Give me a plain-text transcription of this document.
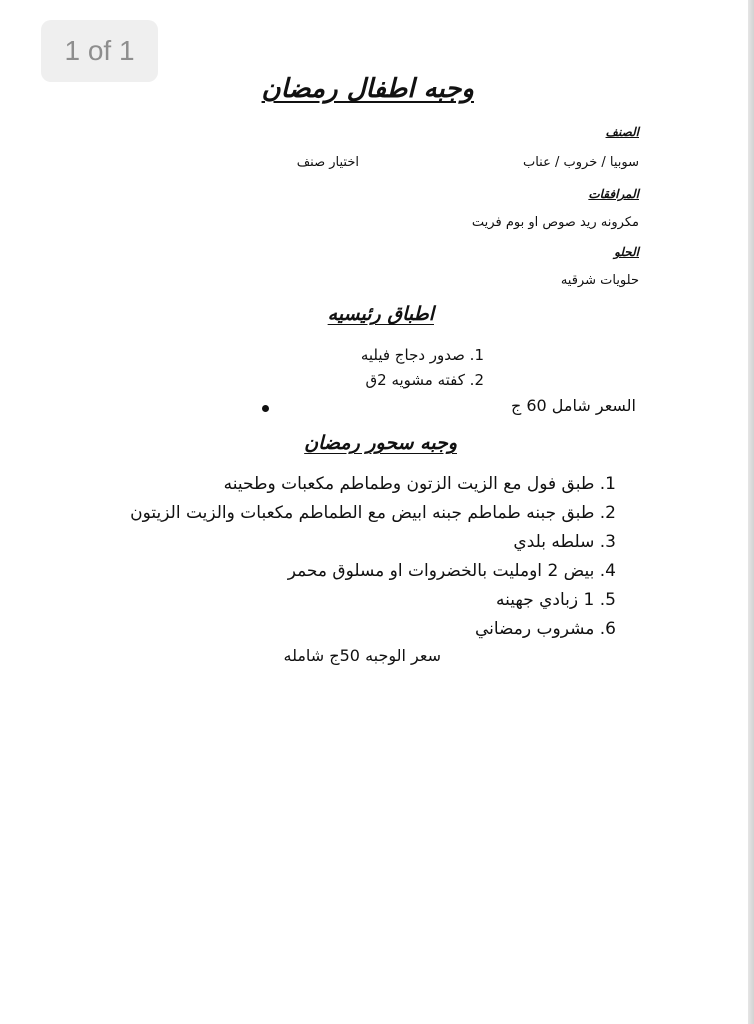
1 of 1
وجبه اطفال رمضان
الصنف
سوبيا / خروب / عناب
اختيار صنف
المرافقات
مكرونه ريد صوص او بوم فريت
الحلو
حلويات شرقيه
اطباق رئيسيه
1. صدور دجاج فيليه
2. كفته مشويه 2ق
السعر شامل 60 ج
وجبه سحور رمضان
1. طبق فول مع الزيت الزتون وطماطم مكعبات وطحينه
2. طبق جبنه طماطم جبنه ابيض مع الطماطم مكعبات والزيت الزيتون
3. سلطه بلدي
4. بيض 2 اومليت بالخضروات او مسلوق محمر
5. 1 زبادي جهينه
6. مشروب رمضاني
سعر الوجبه 50ج شامله
